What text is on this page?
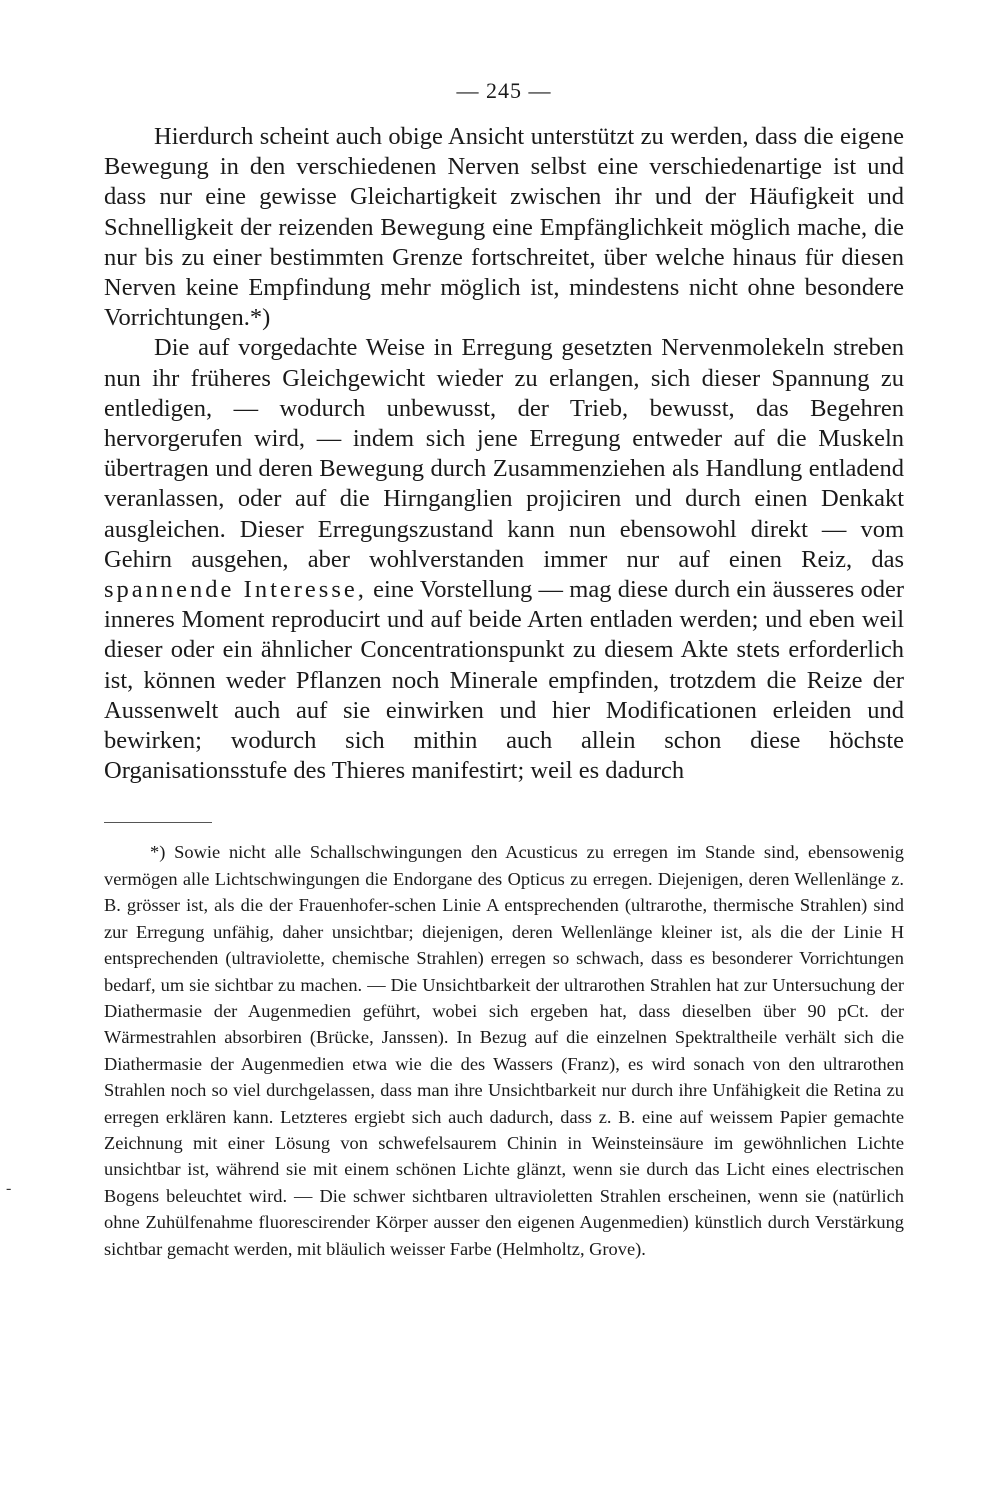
— 245 —

Hierdurch scheint auch obige Ansicht unterstützt zu werden, dass die eigene Bewegung in den verschiedenen Nerven selbst eine verschiedenartige ist und dass nur eine gewisse Gleichartigkeit zwischen ihr und der Häufigkeit und Schnelligkeit der reizenden Bewegung eine Empfänglichkeit möglich mache, die nur bis zu einer bestimmten Grenze fortschreitet, über welche hinaus für diesen Nerven keine Empfindung mehr möglich ist, mindestens nicht ohne besondere Vorrichtungen.*)

Die auf vorgedachte Weise in Erregung gesetzten Nervenmolekeln streben nun ihr früheres Gleichgewicht wieder zu erlangen, sich dieser Spannung zu entledigen, — wodurch unbewusst, der Trieb, bewusst, das Begehren hervorgerufen wird, — indem sich jene Erregung entweder auf die Muskeln übertragen und deren Bewegung durch Zusammenziehen als Handlung entladend veranlassen, oder auf die Hirnganglien projiciren und durch einen Denkakt ausgleichen. Dieser Erregungszustand kann nun ebensowohl direkt — vom Gehirn ausgehen, aber wohlverstanden immer nur auf einen Reiz, das spannende Interesse, eine Vorstellung — mag diese durch ein äusseres oder inneres Moment reproducirt und auf beide Arten entladen werden; und eben weil dieser oder ein ähnlicher Concentrationspunkt zu diesem Akte stets erforderlich ist, können weder Pflanzen noch Minerale empfinden, trotzdem die Reize der Aussenwelt auch auf sie einwirken und hier Modificationen erleiden und bewirken; wodurch sich mithin auch allein schon diese höchste Organisationsstufe des Thieres manifestirt; weil es dadurch

*) Sowie nicht alle Schallschwingungen den Acusticus zu erregen im Stande sind, ebensowenig vermögen alle Lichtschwingungen die Endorgane des Opticus zu erregen. Diejenigen, deren Wellenlänge z. B. grösser ist, als die der Frauenhofer-schen Linie A entsprechenden (ultrarothe, thermische Strahlen) sind zur Erregung unfähig, daher unsichtbar; diejenigen, deren Wellenlänge kleiner ist, als die der Linie H entsprechenden (ultraviolette, chemische Strahlen) erregen so schwach, dass es besonderer Vorrichtungen bedarf, um sie sichtbar zu machen. — Die Unsichtbarkeit der ultrarothen Strahlen hat zur Untersuchung der Diathermasie der Augenmedien geführt, wobei sich ergeben hat, dass dieselben über 90 pCt. der Wärmestrahlen absorbiren (Brücke, Janssen). In Bezug auf die einzelnen Spektraltheile verhält sich die Diathermasie der Augenmedien etwa wie die des Wassers (Franz), es wird sonach von den ultrarothen Strahlen noch so viel durchgelassen, dass man ihre Unsichtbarkeit nur durch ihre Unfähigkeit die Retina zu erregen erklären kann. Letzteres ergiebt sich auch dadurch, dass z. B. eine auf weissem Papier gemachte Zeichnung mit einer Lösung von schwefelsaurem Chinin in Weinsteinsäure im gewöhnlichen Lichte unsichtbar ist, während sie mit einem schönen Lichte glänzt, wenn sie durch das Licht eines electrischen Bogens beleuchtet wird. — Die schwer sichtbaren ultravioletten Strahlen erscheinen, wenn sie (natürlich ohne Zuhülfenahme fluorescirender Körper ausser den eigenen Augenmedien) künstlich durch Verstärkung sichtbar gemacht werden, mit bläulich weisser Farbe (Helmholtz, Grove).

-
